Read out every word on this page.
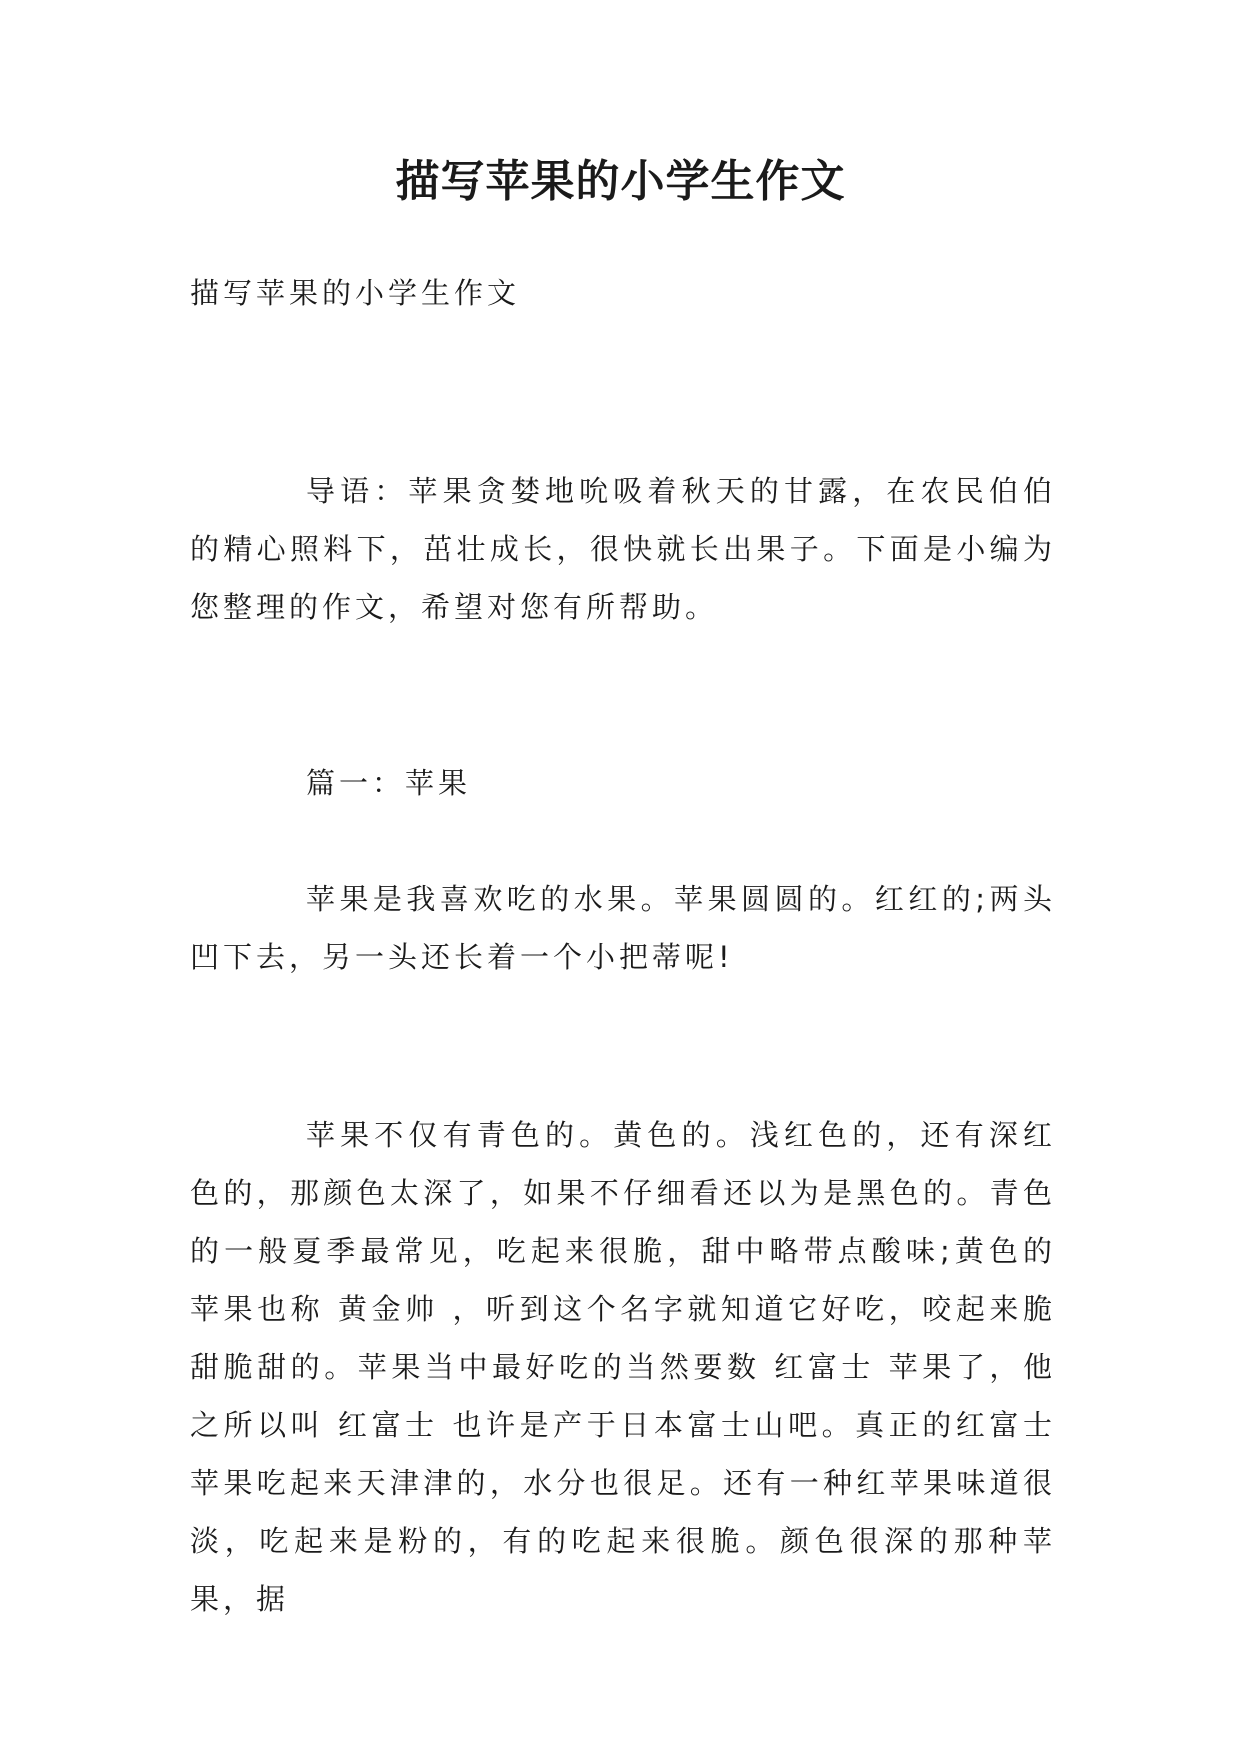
描写苹果的小学生作文

描写苹果的小学生作文

导语：苹果贪婪地吮吸着秋天的甘露，在农民伯伯的精心照料下，茁壮成长，很快就长出果子。下面是小编为您整理的作文，希望对您有所帮助。

篇一：苹果

苹果是我喜欢吃的水果。苹果圆圆的。红红的;两头凹下去，另一头还长着一个小把蒂呢!

苹果不仅有青色的。黄色的。浅红色的，还有深红色的，那颜色太深了，如果不仔细看还以为是黑色的。青色的一般夏季最常见，吃起来很脆，甜中略带点酸味;黄色的苹果也称 黄金帅 ，听到这个名字就知道它好吃，咬起来脆甜脆甜的。苹果当中最好吃的当然要数 红富士 苹果了，他之所以叫 红富士 也许是产于日本富士山吧。真正的红富士苹果吃起来天津津的，水分也很足。还有一种红苹果味道很淡，吃起来是粉的，有的吃起来很脆。颜色很深的那种苹果，据
